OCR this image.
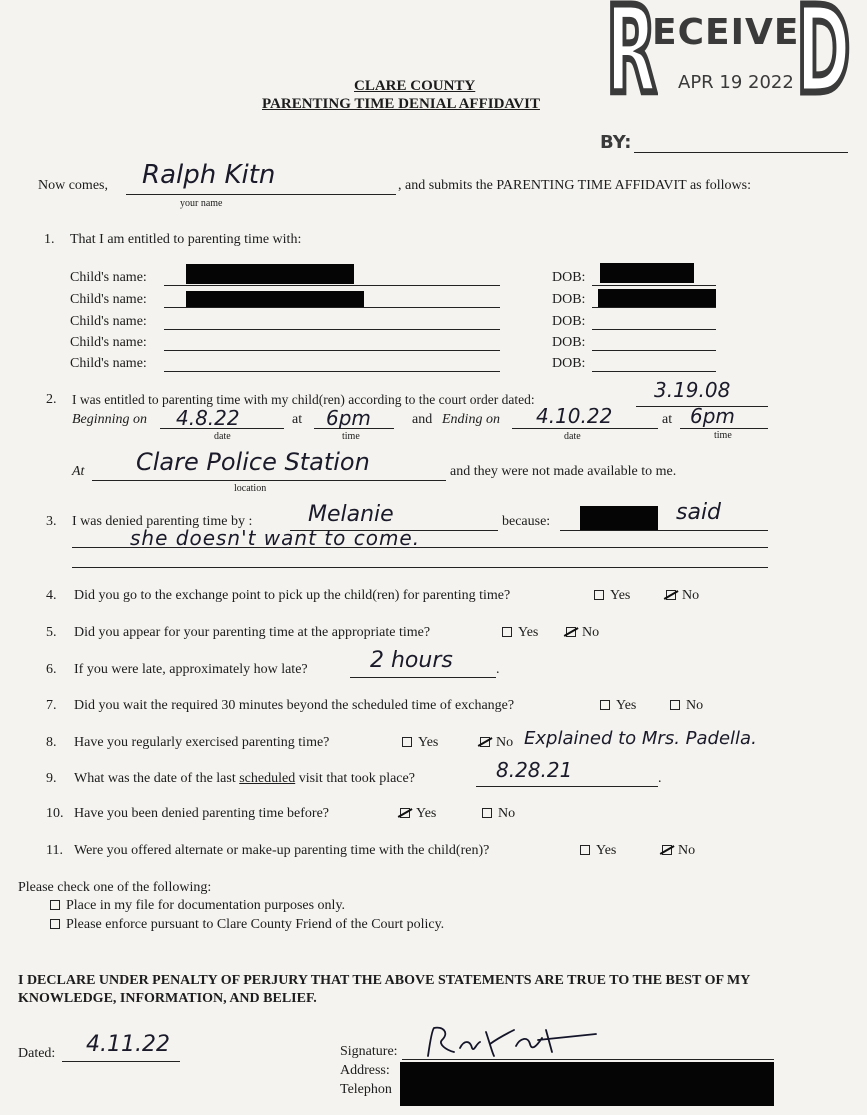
R
ECEIVE
D
APR 19 2022
BY:
CLARE COUNTY
PARENTING TIME DENIAL AFFIDAVIT
Now comes, Ralph Kitn
your name
, and submits the PARENTING TIME AFFIDAVIT as follows:
1. That I am entitled to parenting time with:
Child's name:	DOB:
Child's name:	DOB:
Child's name:	DOB:
Child's name:	DOB:
Child's name:	DOB:
2. I was entitled to parenting time with my child(ren) according to the court order dated:	3.19.08
Beginning on 4.8.22
date
at 6pm
time
and Ending on 4.10.22
date
at 6pm
time
At Clare Police Station
location
and they were not made available to me.
3. I was denied parenting time by :	Melanie	because:	said
she doesn't want to come.
4. Did you go to the exchange point to pick up the child(ren) for parenting time?	Yes	No
5. Did you appear for your parenting time at the appropriate time?	Yes	No
6. If you were late, approximately how late?	2 hours	.
7. Did you wait the required 30 minutes beyond the scheduled time of exchange?	Yes	No
8. Have you regularly exercised parenting time?	Yes	No Explained to Mrs. Padella.
9. What was the date of the last scheduled visit that took place?	8.28.21	.
10. Have you been denied parenting time before?	Yes	No
11. Were you offered alternate or make-up parenting time with the child(ren)?	Yes	No
Please check one of the following:
Place in my file for documentation purposes only.
Please enforce pursuant to Clare County Friend of the Court policy.
I DECLARE UNDER PENALTY OF PERJURY THAT THE ABOVE STATEMENTS ARE TRUE TO THE BEST OF MY
KNOWLEDGE, INFORMATION, AND BELIEF.
Dated: 4.11.22	Signature:
Address:
Telephon
